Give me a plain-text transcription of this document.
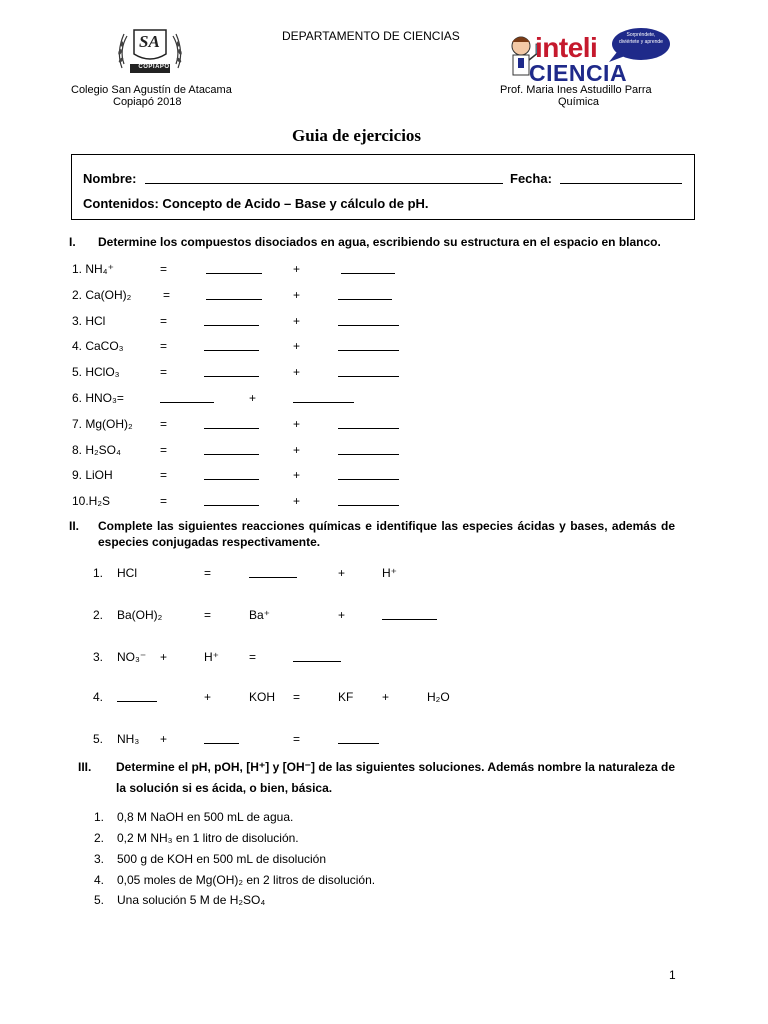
SA
COPIAPO
DEPARTAMENTO DE CIENCIAS	inteli
CIENCIA
Sorpréndete, diviértete y aprende
Colegio San Agustín de Atacama
Copiapó 2018
Prof. Maria Ines Astudillo Parra
Química
Guia de ejercicios
Nombre:	Fecha:
Contenidos: Concepto de Acido – Base y cálculo de pH.
I. Determine los compuestos disociados en agua, escribiendo su estructura en el espacio en blanco.
1. NH₄⁺	=	+
2. Ca(OH)₂	=	+
3. HCl	=	+
4. CaCO₃	=	+
5. HClO₃	=	+
6. HNO₃=	+
7. Mg(OH)₂ =	+
8. H₂SO₄	=	+
9. LiOH	=	+
10.H₂S	=	+
II. Complete las siguientes reacciones químicas e identifique las especies ácidas y bases, además de
especies conjugadas respectivamente.
1. HCl	=	+	H⁺
2. Ba(OH)₂	=	Ba⁺	+
3. NO₃⁻ +	H⁺	=
4.	+	KOH =	KF +	H₂O
5. NH₃ +	=
III. Determine el pH, pOH, [H⁺] y [OH⁻] de las siguientes soluciones. Además nombre la naturaleza de
la solución si es ácida, o bien, básica.
1. 0,8 M NaOH en 500 mL de agua.
2. 0,2 M NH₃ en 1 litro de disolución.
3. 500 g de KOH en 500 mL de disolución
4. 0,05 moles de Mg(OH)₂ en 2 litros de disolución.
5. Una solución 5 M de H₂SO₄
1
